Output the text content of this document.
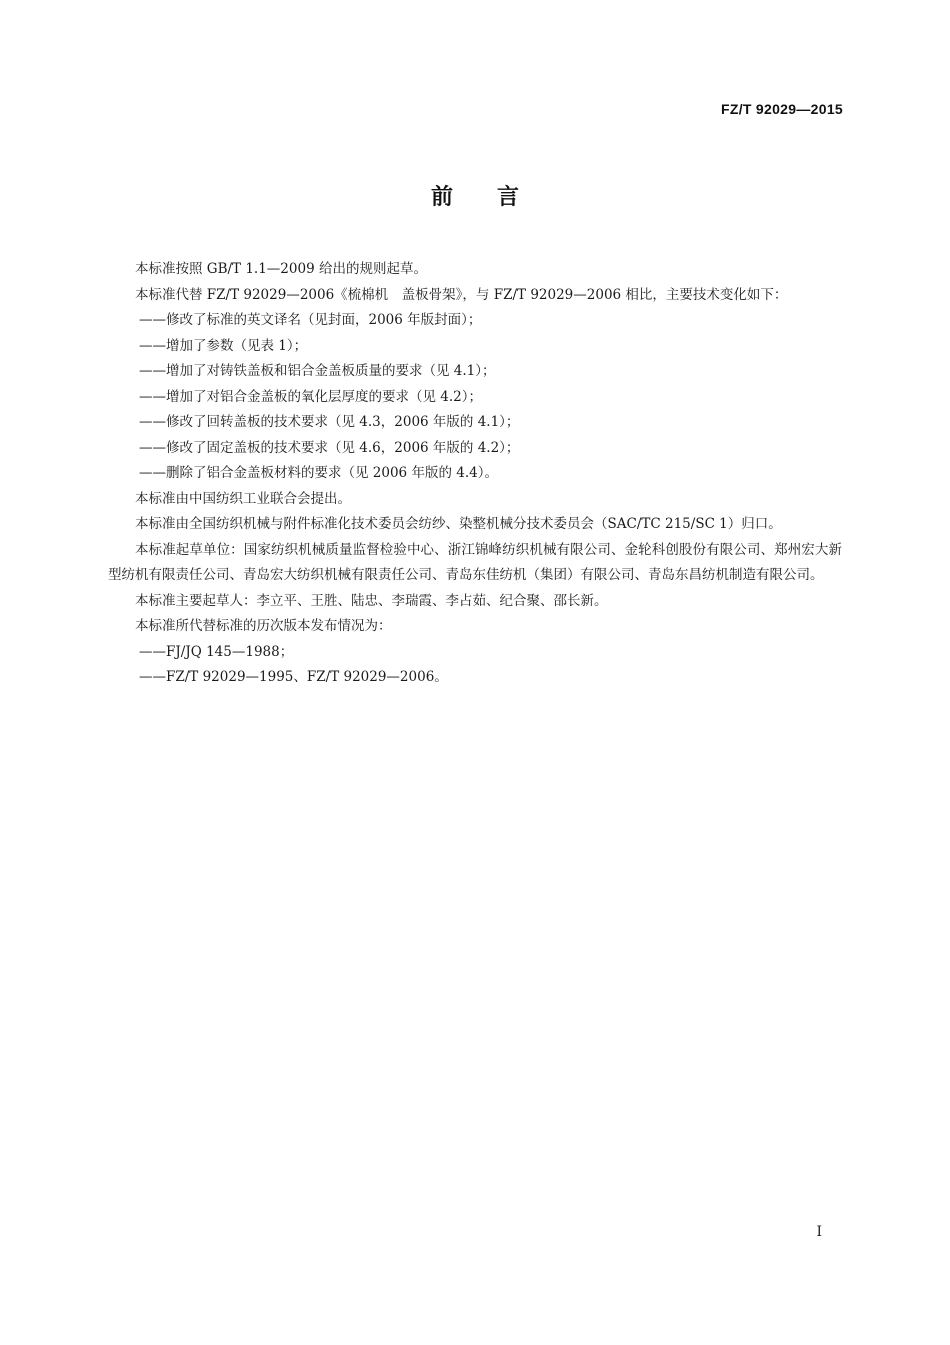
FZ/T 92029—2015
前言

本标准按照 GB/T 1.1—2009 给出的规则起草。

本标准代替 FZ/T 92029—2006《梳棉机　盖板骨架》，与 FZ/T 92029—2006 相比，主要技术变化如下：

——修改了标准的英文译名（见封面，2006 年版封面）；

——增加了参数（见表 1）；

——增加了对铸铁盖板和铝合金盖板质量的要求（见 4.1）；

——增加了对铝合金盖板的氧化层厚度的要求（见 4.2）；

——修改了回转盖板的技术要求（见 4.3，2006 年版的 4.1）；

——修改了固定盖板的技术要求（见 4.6，2006 年版的 4.2）；

——删除了铝合金盖板材料的要求（见 2006 年版的 4.4）。

本标准由中国纺织工业联合会提出。

本标准由全国纺织机械与附件标准化技术委员会纺纱、染整机械分技术委员会（SAC/TC 215/SC 1）归口。

本标准起草单位：国家纺织机械质量监督检验中心、浙江锦峰纺织机械有限公司、金轮科创股份有限公司、郑州宏大新型纺机有限责任公司、青岛宏大纺织机械有限责任公司、青岛东佳纺机（集团）有限公司、青岛东昌纺机制造有限公司。

本标准主要起草人：李立平、王胜、陆忠、李瑞霞、李占茹、纪合聚、邵长新。

本标准所代替标准的历次版本发布情况为：

——FJ/JQ 145—1988；

——FZ/T 92029—1995、FZ/T 92029—2006。

I
